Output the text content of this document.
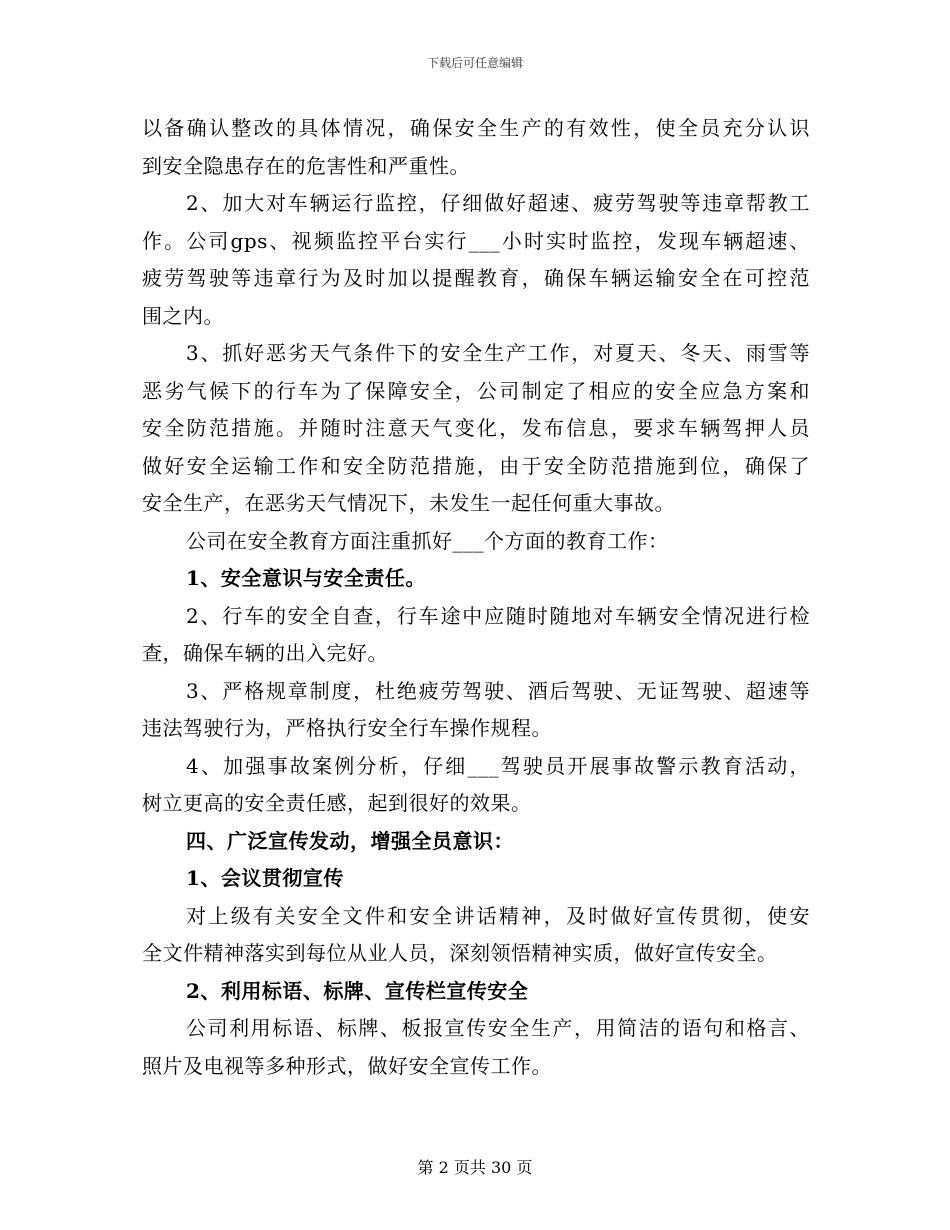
下载后可任意编辑
以备确认整改的具体情况，确保安全生产的有效性，使全员充分认识
到安全隐患存在的危害性和严重性。
2、加大对车辆运行监控，仔细做好超速、疲劳驾驶等违章帮教工
作。公司gps、视频监控平台实行___小时实时监控，发现车辆超速、
疲劳驾驶等违章行为及时加以提醒教育，确保车辆运输安全在可控范
围之内。
3、抓好恶劣天气条件下的安全生产工作，对夏天、冬天、雨雪等
恶劣气候下的行车为了保障安全，公司制定了相应的安全应急方案和
安全防范措施。并随时注意天气变化，发布信息，要求车辆驾押人员
做好安全运输工作和安全防范措施，由于安全防范措施到位，确保了
安全生产，在恶劣天气情况下，未发生一起任何重大事故。
公司在安全教育方面注重抓好___个方面的教育工作：
1、安全意识与安全责任。
2、行车的安全自查，行车途中应随时随地对车辆安全情况进行检
查，确保车辆的出入完好。
3、严格规章制度，杜绝疲劳驾驶、酒后驾驶、无证驾驶、超速等
违法驾驶行为，严格执行安全行车操作规程。
4、加强事故案例分析，仔细___驾驶员开展事故警示教育活动，
树立更高的安全责任感，起到很好的效果。
四、广泛宣传发动，增强全员意识：
1、会议贯彻宣传
对上级有关安全文件和安全讲话精神，及时做好宣传贯彻，使安
全文件精神落实到每位从业人员，深刻领悟精神实质，做好宣传安全。
2、利用标语、标牌、宣传栏宣传安全
公司利用标语、标牌、板报宣传安全生产，用简洁的语句和格言、
照片及电视等多种形式，做好安全宣传工作。
第 2 页共 30 页
